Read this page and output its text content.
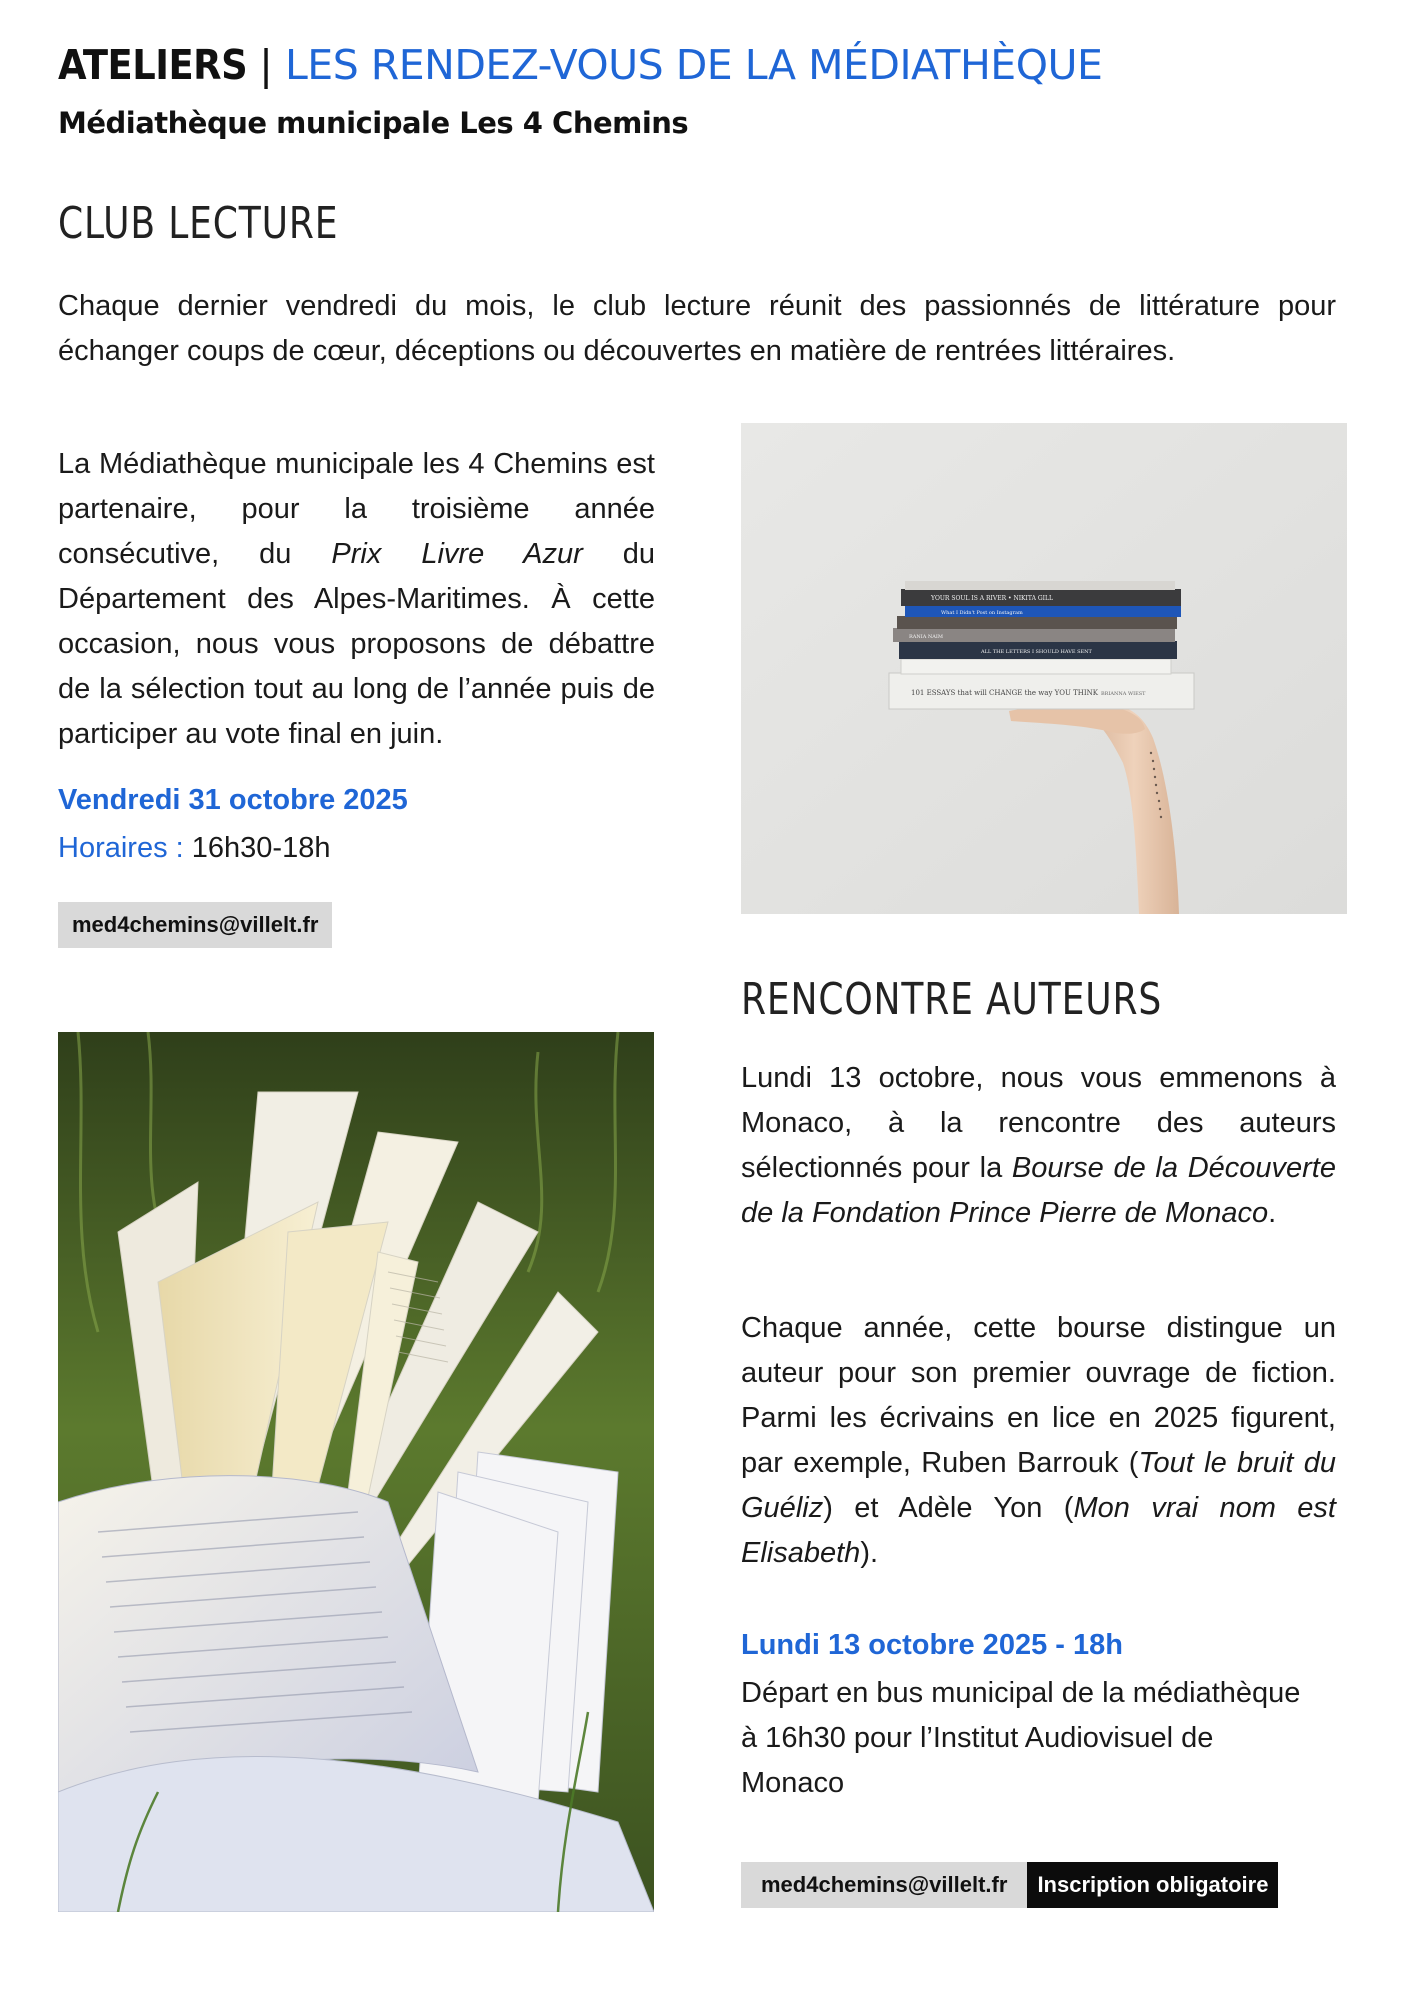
ATELIERS | LES RENDEZ-VOUS DE LA MÉDIATHÈQUE
Médiathèque municipale Les 4 Chemins
CLUB LECTURE

Chaque dernier vendredi du mois, le club lecture réunit des passionnés de littérature pour échanger coups de cœur, déceptions ou découvertes en matière de rentrées littéraires.

La Médiathèque municipale les 4 Chemins est partenaire, pour la troisième année consécutive, du Prix Livre Azur du Département des Alpes-Maritimes. À cette occasion, nous vous proposons de débattre de la sélection tout au long de l’année puis de participer au vote final en juin.

Vendredi 31 octobre 2025
Horaires : 16h30-18h
med4chemins@villelt.fr
YOUR SOUL IS A RIVER • NIKITA GILL
What I Didn't Post on Instagram
RANIA NAIM
ALL THE LETTERS I SHOULD HAVE SENT
101 ESSAYS that will CHANGE the way YOU THINK BRIANNA WIEST
RENCONTRE AUTEURS

Lundi 13 octobre, nous vous emmenons à Monaco, à la rencontre des auteurs sélectionnés pour la Bourse de la Découverte de la Fondation Prince Pierre de Monaco.

Chaque année, cette bourse distingue un auteur pour son premier ouvrage de fiction. Parmi les écrivains en lice en 2025 figurent, par exemple, Ruben Barrouk (Tout le bruit du Guéliz) et Adèle Yon (Mon vrai nom est Elisabeth).

Lundi 13 octobre 2025 - 18h

Départ en bus municipal de la médiathèque à 16h30 pour l’Institut Audiovisuel de Monaco

med4chemins@villelt.fr	Inscription obligatoire
